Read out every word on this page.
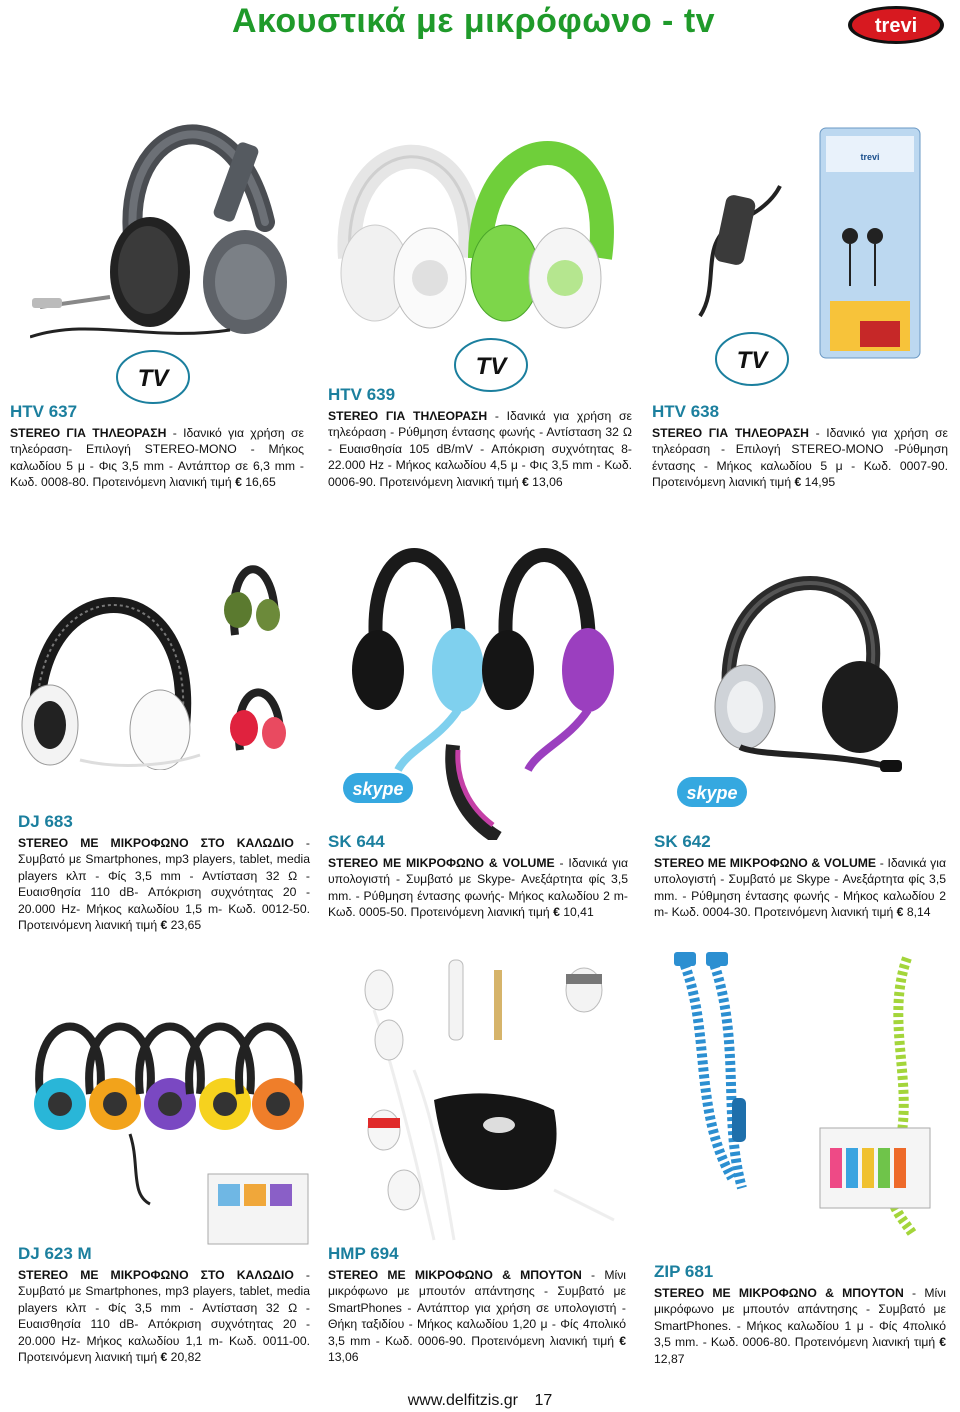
Ακουστικά με μικρόφωνο - tv	trevi
trevi
TV	TV	TV
HTV 637
STEREO ΓΙΑ ΤΗΛΕΟΡΑΣΗ - Ιδανικό για χρήση σε τηλεόραση- Επιλογή STEREO-MONO - Μήκος καλωδίου 5 μ - Φις 3,5 mm - Αντάπτορ σε 6,3 mm - Κωδ. 0008-80. Προτεινόμενη λιανική τιμή € 16,65
HTV 639
STEREO ΓΙΑ ΤΗΛΕΟΡΑΣΗ - Ιδανικά για χρήση σε τηλεόραση - Ρύθμηση έντασης φωνής - Αντίσταση 32 Ω - Ευαισθησία 105 dB/mV - Απόκριση συχνότητας 8-22.000 Hz - Μήκος καλωδίου 4,5 μ - Φις 3,5 mm - Κωδ. 0006-90. Προτεινόμενη λιανική τιμή € 13,06
HTV 638
STEREO ΓΙΑ ΤΗΛΕΟΡΑΣΗ - Ιδανικό για χρήση σε τηλεόραση - Επιλογή STEREO-MONO -Ρύθμηση έντασης - Μήκος καλωδίου 5 μ - Κωδ. 0007-90. Προτεινόμενη λιανική τιμή € 14,95
skype	skype
DJ 683
STEREO ΜΕ ΜΙΚΡΟΦΩΝΟ ΣΤΟ ΚΑΛΩΔΙΟ - Συμβατό με Smartphones, mp3 players, tablet, media players κλπ - Φίς 3,5 mm - Αντίσταση 32 Ω - Ευαισθησία 110 dB- Απόκριση συχνότητας 20 - 20.000 Hz- Μήκος καλωδίου 1,5 m- Κωδ. 0012-50. Προτεινόμενη λιανική τιμή € 23,65
SK 644
STEREO ΜΕ ΜΙΚΡΟΦΩΝΟ & VOLUME - Ιδανικά για υπολογιστή - Συμβατό με Skype- Ανεξάρτητα φίς 3,5 mm. - Ρύθμηση έντασης φωνής- Μήκος καλωδίου 2 m- Κωδ. 0005-50. Προτεινόμενη λιανική τιμή € 10,41
SK 642
STEREO ΜΕ ΜΙΚΡΟΦΩΝΟ & VOLUME - Ιδανικά για υπολογιστή - Συμβατό με Skype - Ανεξάρτητα φίς 3,5 mm. - Ρύθμηση έντασης φωνής - Μήκος καλωδίου 2 m- Κωδ. 0004-30. Προτεινόμενη λιανική τιμή € 8,14
DJ 623 M
STEREO ΜΕ ΜΙΚΡΟΦΩΝΟ ΣΤΟ ΚΑΛΩΔΙΟ - Συμβατό με Smartphones, mp3 players, tablet, media players κλπ - Φίς 3,5 mm - Αντίσταση 32 Ω - Ευαισθησία 110 dB- Απόκριση συχνότητας 20 - 20.000 Hz- Μήκος καλωδίου 1,1 m- Κωδ. 0011-00. Προτεινόμενη λιανική τιμή € 20,82
HMP 694
STEREO ΜΕ ΜΙΚΡΟΦΩΝΟ & ΜΠΟΥΤΟΝ - Μίνι μικρόφωνο με μπουτόν απάντησης - Συμβατό με SmartPhones - Αντάπτορ για χρήση σε υπολογιστή - Θήκη ταξιδίου - Μήκος καλωδίου 1,20 μ - Φίς 4πολικό 3,5 mm - Κωδ. 0006-90. Προτεινόμενη λιανική τιμή € 13,06
ZIP 681
STEREO ΜΕ ΜΙΚΡΟΦΩΝΟ & ΜΠΟΥΤΟΝ - Μίνι μικρόφωνο με μπουτόν απάντησης - Συμβατό με SmartPhones. - Μήκος καλωδίου 1 μ - Φίς 4πολικό 3,5 mm. - Κωδ. 0006-80. Προτεινόμενη λιανική τιμή € 12,87
www.delfitzis.gr 17
